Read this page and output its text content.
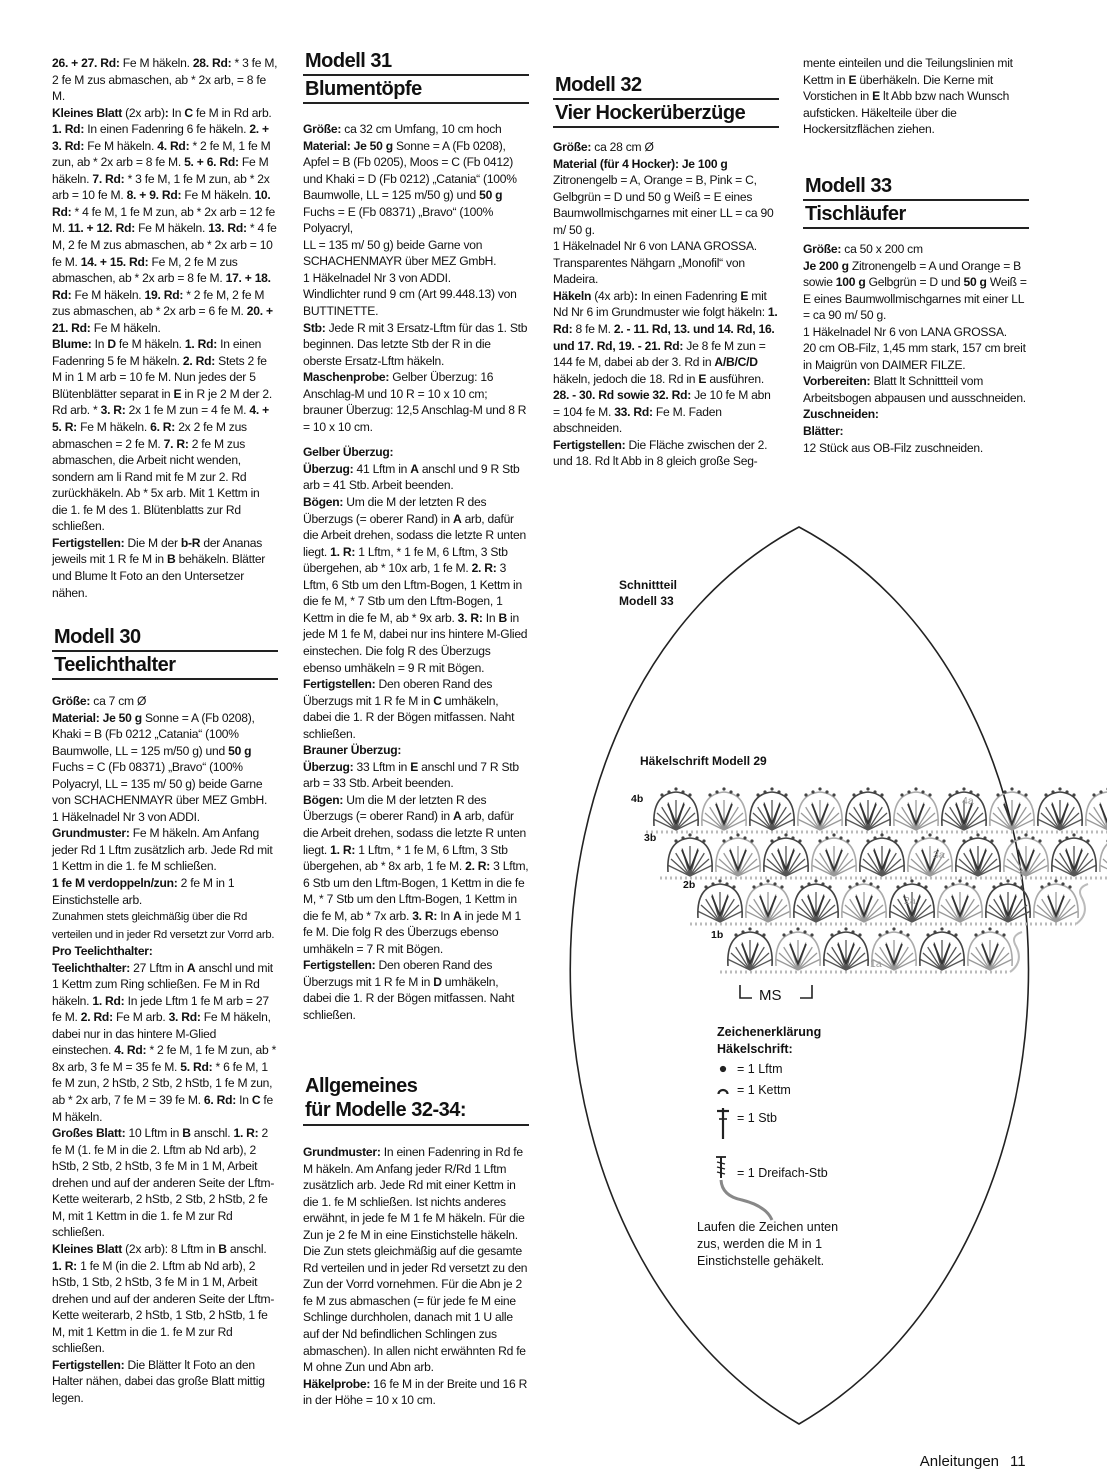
26. + 27. Rd: Fe M häkeln. 28. Rd: * 3 fe M, 2 fe M zus abmaschen, ab * 2x arb, = 8 fe M.

Kleines Blatt (2x arb): In C fe M in Rd arb. 1. Rd: In einen Fadenring 6 fe häkeln. 2. + 3. Rd: Fe M häkeln. 4. Rd: * 2 fe M, 1 fe M zun, ab * 2x arb = 8 fe M. 5. + 6. Rd: Fe M häkeln. 7. Rd: * 3 fe M, 1 fe M zun, ab * 2x arb = 10 fe M. 8. + 9. Rd: Fe M häkeln. 10. Rd: * 4 fe M, 1 fe M zun, ab * 2x arb = 12 fe M. 11. + 12. Rd: Fe M häkeln. 13. Rd: * 4 fe M, 2 fe M zus abmaschen, ab * 2x arb = 10 fe M. 14. + 15. Rd: Fe M, 2 fe M zus abmaschen, ab * 2x arb = 8 fe M. 17. + 18. Rd: Fe M häkeln. 19. Rd: * 2 fe M, 2 fe M zus abmaschen, ab * 2x arb = 6 fe M. 20. + 21. Rd: Fe M häkeln.

Blume: In D fe M häkeln. 1. Rd: In einen Fadenring 5 fe M häkeln. 2. Rd: Stets 2 fe M in 1 M arb = 10 fe M. Nun jedes der 5 Blütenblätter separat in E in R je 2 M der 2. Rd arb. * 3. R: 2x 1 fe M zun = 4 fe M. 4. + 5. R: Fe M häkeln. 6. R: 2x 2 fe M zus abmaschen = 2 fe M. 7. R: 2 fe M zus abmaschen, die Arbeit nicht wenden, sondern am li Rand mit fe M zur 2. Rd zurückhäkeln. Ab * 5x arb. Mit 1 Kettm in die 1. fe M des 1. Blütenblatts zur Rd schließen.

Fertigstellen: Die M der b-R der Ananas jeweils mit 1 R fe M in B behäkeln. Blätter und Blume lt Foto an den Untersetzer nähen.

Modell 30
Teelichthalter

Größe: ca 7 cm Ø

Material: Je 50 g Sonne = A (Fb 0208), Khaki = B (Fb 0212 „Catania“ (100% Baumwolle, LL = 125 m/50 g) und 50 g Fuchs = C (Fb 08371) „Bravo“ (100% Polyacryl, LL = 135 m/ 50 g) beide Garne von SCHACHENMAYR über MEZ GmbH.

1 Häkelnadel Nr 3 von ADDI.

Grundmuster: Fe M häkeln. Am Anfang jeder Rd 1 Lftm zusätzlich arb. Jede Rd mit 1 Kettm in die 1. fe M schließen.

1 fe M verdoppeln/zun: 2 fe M in 1 Einstichstelle arb.

Zunahmen stets gleichmäßig über die Rd verteilen und in jeder Rd versetzt zur Vorrd arb.

Pro Teelichthalter:

Teelichthalter: 27 Lftm in A anschl und mit 1 Kettm zum Ring schließen. Fe M in Rd häkeln. 1. Rd: In jede Lftm 1 fe M arb = 27 fe M. 2. Rd: Fe M arb. 3. Rd: Fe M häkeln, dabei nur in das hintere M-Glied einstechen. 4. Rd: * 2 fe M, 1 fe M zun, ab * 8x arb, 3 fe M = 35 fe M. 5. Rd: * 6 fe M, 1 fe M zun, 2 hStb, 2 Stb, 2 hStb, 1 fe M zun, ab * 2x arb, 7 fe M = 39 fe M. 6. Rd: In C fe M häkeln.

Großes Blatt: 10 Lftm in B anschl. 1. R: 2 fe M (1. fe M in die 2. Lftm ab Nd arb), 2 hStb, 2 Stb, 2 hStb, 3 fe M in 1 M, Arbeit drehen und auf der anderen Seite der Lftm-Kette weiterarb, 2 hStb, 2 Stb, 2 hStb, 2 fe M, mit 1 Kettm in die 1. fe M zur Rd schließen.

Kleines Blatt (2x arb): 8 Lftm in B anschl. 1. R: 1 fe M (in die 2. Lftm ab Nd arb), 2 hStb, 1 Stb, 2 hStb, 3 fe M in 1 M, Arbeit drehen und auf der anderen Seite der Lftm-Kette weiterarb, 2 hStb, 1 Stb, 2 hStb, 1 fe M, mit 1 Kettm in die 1. fe M zur Rd schließen.

Fertigstellen: Die Blätter lt Foto an den Halter nähen, dabei das große Blatt mittig legen.

Modell 31
Blumentöpfe

Größe: ca 32 cm Umfang, 10 cm hoch

Material: Je 50 g Sonne = A (Fb 0208), Apfel = B (Fb 0205), Moos = C (Fb 0412) und Khaki = D (Fb 0212) „Catania“ (100% Baumwolle, LL = 125 m/50 g) und 50 g Fuchs = E (Fb 08371) „Bravo“ (100% Polyacryl,

LL = 135 m/ 50 g) beide Garne von SCHACHENMAYR über MEZ GmbH.

1 Häkelnadel Nr 3 von ADDI.

Windlichter rund 9 cm (Art 99.448.13) von BUTTINETTE.

Stb: Jede R mit 3 Ersatz-Lftm für das 1. Stb beginnen. Das letzte Stb der R in die oberste Ersatz-Lftm häkeln.

Maschenprobe: Gelber Überzug: 16 Anschlag-M und 10 R = 10 x 10 cm; brauner Überzug: 12,5 Anschlag-M und 8 R = 10 x 10 cm.

Gelber Überzug:

Überzug: 41 Lftm in A anschl und 9 R Stb arb = 41 Stb. Arbeit beenden.

Bögen: Um die M der letzten R des Überzugs (= oberer Rand) in A arb, dafür die Arbeit drehen, sodass die letzte R unten liegt. 1. R: 1 Lftm, * 1 fe M, 6 Lftm, 3 Stb übergehen, ab * 10x arb, 1 fe M. 2. R: 3 Lftm, 6 Stb um den Lftm-Bogen, 1 Kettm in die fe M, * 7 Stb um den Lftm-Bogen, 1 Kettm in die fe M, ab * 9x arb. 3. R: In B in jede M 1 fe M, dabei nur ins hintere M-Glied einstechen. Die folg R des Überzugs ebenso umhäkeln = 9 R mit Bögen.

Fertigstellen: Den oberen Rand des Überzugs mit 1 R fe M in C umhäkeln, dabei die 1. R der Bögen mitfassen. Naht schließen.

Brauner Überzug:

Überzug: 33 Lftm in E anschl und 7 R Stb arb = 33 Stb. Arbeit beenden.

Bögen: Um die M der letzten R des Überzugs (= oberer Rand) in A arb, dafür die Arbeit drehen, sodass die letzte R unten liegt. 1. R: 1 Lftm, * 1 fe M, 6 Lftm, 3 Stb übergehen, ab * 8x arb, 1 fe M. 2. R: 3 Lftm, 6 Stb um den Lftm-Bogen, 1 Kettm in die fe M, * 7 Stb um den Lftm-Bogen, 1 Kettm in die fe M, ab * 7x arb. 3. R: In A in jede M 1 fe M. Die folg R des Überzugs ebenso umhäkeln = 7 R mit Bögen.

Fertigstellen: Den oberen Rand des Überzugs mit 1 R fe M in D umhäkeln, dabei die 1. R der Bögen mitfassen. Naht schließen.

Allgemeines
für Modelle 32-34:

Grundmuster: In einen Fadenring in Rd fe M häkeln. Am Anfang jeder R/Rd 1 Lftm zusätzlich arb. Jede Rd mit einer Kettm in die 1. fe M schließen. Ist nichts anderes erwähnt, in jede fe M 1 fe M häkeln. Für die Zun je 2 fe M in eine Einstichstelle häkeln. Die Zun stets gleichmäßig auf die gesamte Rd verteilen und in jeder Rd versetzt zu den Zun der Vorrd vornehmen. Für die Abn je 2 fe M zus abmaschen (= für jede fe M eine Schlinge durchholen, danach mit 1 U alle auf der Nd befindlichen Schlingen zus abmaschen). In allen nicht erwähnten Rd fe M ohne Zun und Abn arb.

Häkelprobe: 16 fe M in der Breite und 16 R in der Höhe = 10 x 10 cm.

Modell 32
Vier Hockerüberzüge

Größe: ca 28 cm Ø

Material (für 4 Hocker): Je 100 g Zitronengelb = A, Orange = B, Pink = C, Gelbgrün = D und 50 g Weiß = E eines Baumwollmischgarnes mit einer LL = ca 90 m/ 50 g.

1 Häkelnadel Nr 6 von LANA GROSSA.

Transparentes Nähgarn „Monofil“ von Madeira.

Häkeln (4x arb): In einen Fadenring E mit Nd Nr 6 im Grundmuster wie folgt häkeln: 1. Rd: 8 fe M. 2. - 11. Rd, 13. und 14. Rd, 16. und 17. Rd, 19. - 21. Rd: Je 8 fe M zun = 144 fe M, dabei ab der 3. Rd in A/B/C/D häkeln, jedoch die 18. Rd in E ausführen. 28. - 30. Rd sowie 32. Rd: Je 10 fe M abn = 104 fe M. 33. Rd: Fe M. Faden abschneiden.

Fertigstellen: Die Fläche zwischen der 2. und 18. Rd lt Abb in 8 gleich große Seg-

mente einteilen und die Teilungslinien mit Kettm in E überhäkeln. Die Kerne mit Vorstichen in E lt Abb bzw nach Wunsch aufsticken. Häkelteile über die Hockersitzflächen ziehen.

Modell 33
Tischläufer

Größe: ca 50 x 200 cm

Je 200 g Zitronengelb = A und Orange = B sowie 100 g Gelbgrün = D und 50 g Weiß = E eines Baumwollmischgarnes mit einer LL = ca 90 m/ 50 g.

1 Häkelnadel Nr 6 von LANA GROSSA.

20 cm OB-Filz, 1,45 mm stark, 157 cm breit in Maigrün von DAIMER FILZE.

Vorbereiten: Blatt lt Schnittteil vom Arbeitsbogen abpausen und ausschneiden.

Zuschneiden:

Blätter:

12 Stück aus OB-Filz zuschneiden.

Schnittteil
Modell 33
Häkelschrift Modell 29
4b
3b
2b
1b
4a
3a
2a
1a
MS
Zeichenerklärung
Häkelschrift:
= 1 Lftm
= 1 Kettm
= 1 Stb
= 1 Dreifach-Stb
Laufen die Zeichen unten zus, werden die M in 1 Einstichstelle gehäkelt.
Anleitungen 11
